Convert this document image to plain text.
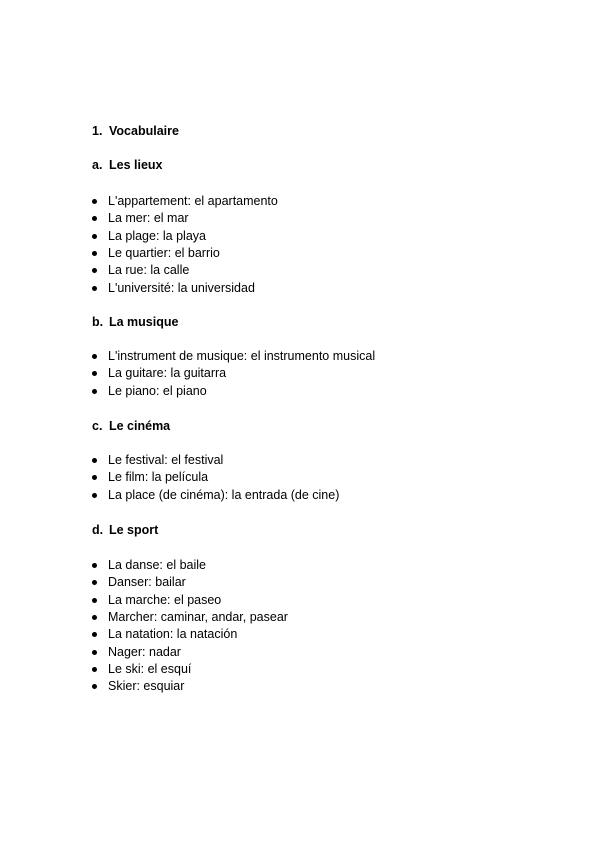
1. Vocabulaire
a. Les lieux
L'appartement: el apartamento
La mer: el mar
La plage: la playa
Le quartier: el barrio
La rue: la calle
L'université: la universidad
b. La musique
L'instrument de musique: el instrumento musical
La guitare: la guitarra
Le piano: el piano
c. Le cinéma
Le festival: el festival
Le film: la película
La place (de cinéma): la entrada (de cine)
d. Le sport
La danse: el baile
Danser: bailar
La marche: el paseo
Marcher: caminar, andar, pasear
La natation: la natación
Nager: nadar
Le ski: el esquí
Skier: esquiar
